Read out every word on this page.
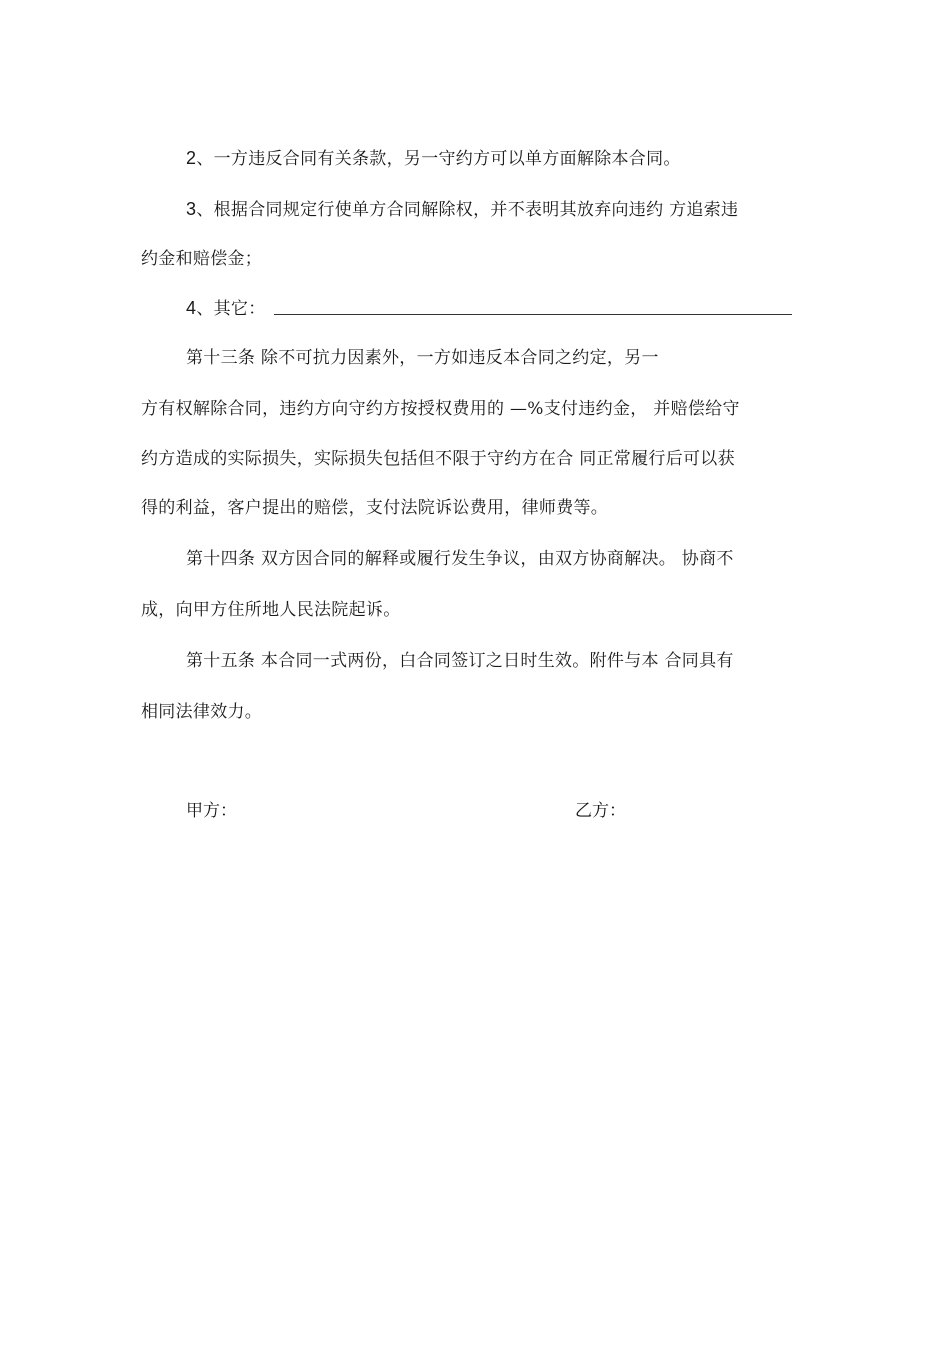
2、一方违反合同有关条款，另一守约方可以单方面解除本合同。
3、根据合同规定行使单方合同解除权，并不表明其放弃向违约 方追索违
约金和赔偿金；
4、其它：
第十三条 除不可抗力因素外，一方如违反本合同之约定，另一
方有权解除合同，违约方向守约方按授权费用的 —%支付违约金， 并赔偿给守
约方造成的实际损失，实际损失包括但不限于守约方在合 同正常履行后可以获
得的利益，客户提出的赔偿，支付法院诉讼费用，律师费等。
第十四条 双方因合同的解释或履行发生争议，由双方协商解决。 协商不
成，向甲方住所地人民法院起诉。
第十五条 本合同一式两份，白合同签订之日时生效。附件与本 合同具有
相同法律效力。
甲方：	乙方：
